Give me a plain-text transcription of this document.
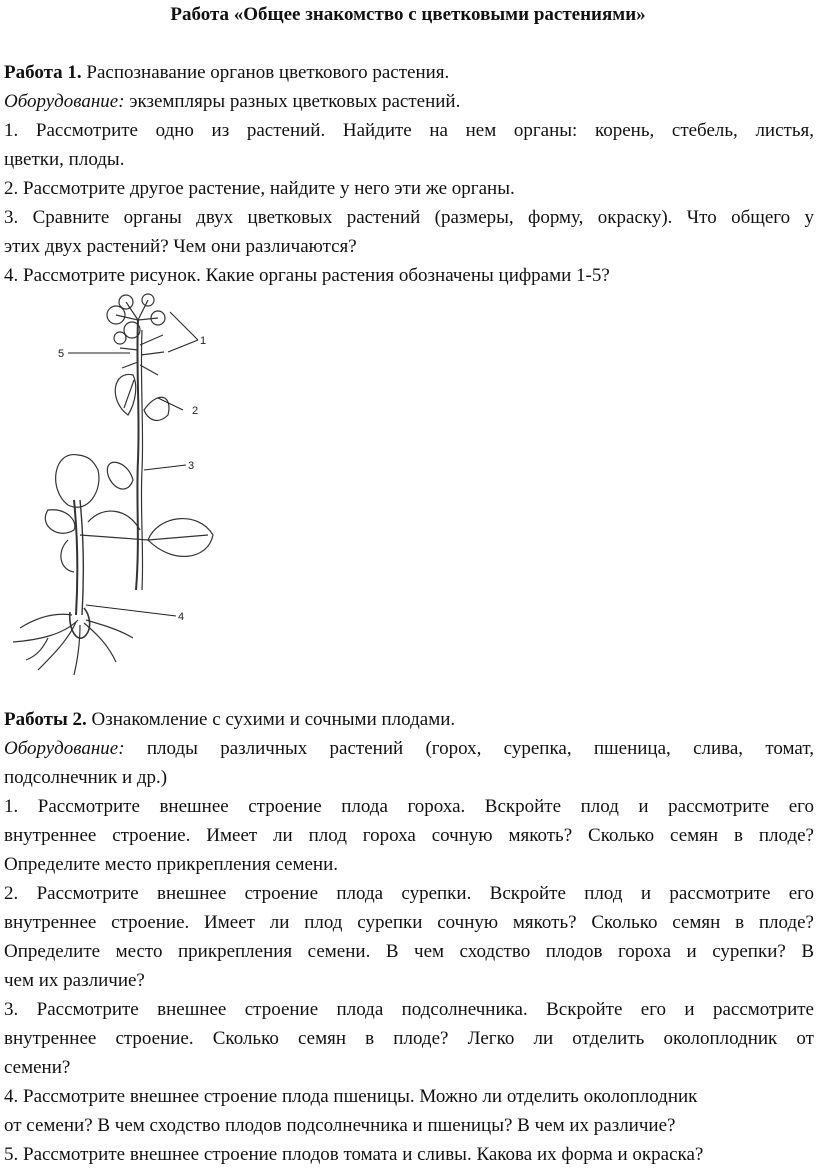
Работа «Общее знакомство с цветковыми растениями»
Работа 1. Распознавание органов цветкового растения.
Оборудование: экземпляры разных цветковых растений.
1. Рассмотрите одно из растений. Найдите на нем органы: корень, стебель, листья,
цветки, плоды.
2. Рассмотрите другое растение, найдите у него эти же органы.
3. Сравните органы двух цветковых растений (размеры, форму, окраску). Что общего у
этих двух растений? Чем они различаются?
4. Рассмотрите рисунок. Какие органы растения обозначены цифрами 1-5?
1
2
3
4
5
Работы 2. Ознакомление с сухими и сочными плодами.
Оборудование: плоды различных растений (горох, сурепка, пшеница, слива, томат,
подсолнечник и др.)
1. Рассмотрите внешнее строение плода гороха. Вскройте плод и рассмотрите его
внутреннее строение. Имеет ли плод гороха сочную мякоть? Сколько семян в плоде?
Определите место прикрепления семени.
2. Рассмотрите внешнее строение плода сурепки. Вскройте плод и рассмотрите его
внутреннее строение. Имеет ли плод сурепки сочную мякоть? Сколько семян в плоде?
Определите место прикрепления семени. В чем сходство плодов гороха и сурепки? В
чем их различие?
3. Рассмотрите внешнее строение плода подсолнечника. Вскройте его и рассмотрите
внутреннее строение. Сколько семян в плоде? Легко ли отделить околоплодник от
семени?
4. Рассмотрите внешнее строение плода пшеницы. Можно ли отделить околоплодник
от семени? В чем сходство плодов подсолнечника и пшеницы? В чем их различие?
5. Рассмотрите внешнее строение плодов томата и сливы. Какова их форма и окраска?
